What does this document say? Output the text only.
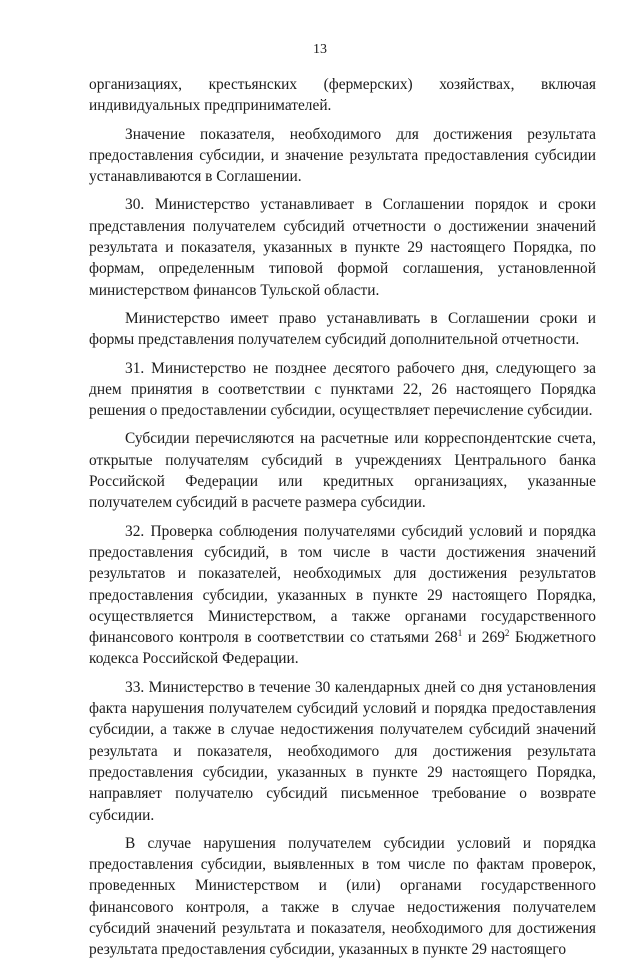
13

организациях, крестьянских (фермерских) хозяйствах, включая индивидуальных предпринимателей.

Значение показателя, необходимого для достижения результата предоставления субсидии, и значение результата предоставления субсидии устанавливаются в Соглашении.

30. Министерство устанавливает в Соглашении порядок и сроки представления получателем субсидий отчетности о достижении значений результата и показателя, указанных в пункте 29 настоящего Порядка, по формам, определенным типовой формой соглашения, установленной министерством финансов Тульской области.

Министерство имеет право устанавливать в Соглашении сроки и формы представления получателем субсидий дополнительной отчетности.

31. Министерство не позднее десятого рабочего дня, следующего за днем принятия в соответствии с пунктами 22, 26 настоящего Порядка решения о предоставлении субсидии, осуществляет перечисление субсидии.

Субсидии перечисляются на расчетные или корреспондентские счета, открытые получателям субсидий в учреждениях Центрального банка Российской Федерации или кредитных организациях, указанные получателем субсидий в расчете размера субсидии.

32. Проверка соблюдения получателями субсидий условий и порядка предоставления субсидий, в том числе в части достижения значений результатов и показателей, необходимых для достижения результатов предоставления субсидии, указанных в пункте 29 настоящего Порядка, осуществляется Министерством, а также органами государственного финансового контроля в соответствии со статьями $268^1$ и $269^2$ Бюджетного кодекса Российской Федерации.

33. Министерство в течение 30 календарных дней со дня установления факта нарушения получателем субсидий условий и порядка предоставления субсидии, а также в случае недостижения получателем субсидий значений результата и показателя, необходимого для достижения результата предоставления субсидии, указанных в пункте 29 настоящего Порядка, направляет получателю субсидий письменное требование о возврате субсидии.

В случае нарушения получателем субсидии условий и порядка предоставления субсидии, выявленных в том числе по фактам проверок, проведенных Министерством и (или) органами государственного финансового контроля, а также в случае недостижения получателем субсидий значений результата и показателя, необходимого для достижения результата предоставления субсидии, указанных в пункте 29 настоящего
